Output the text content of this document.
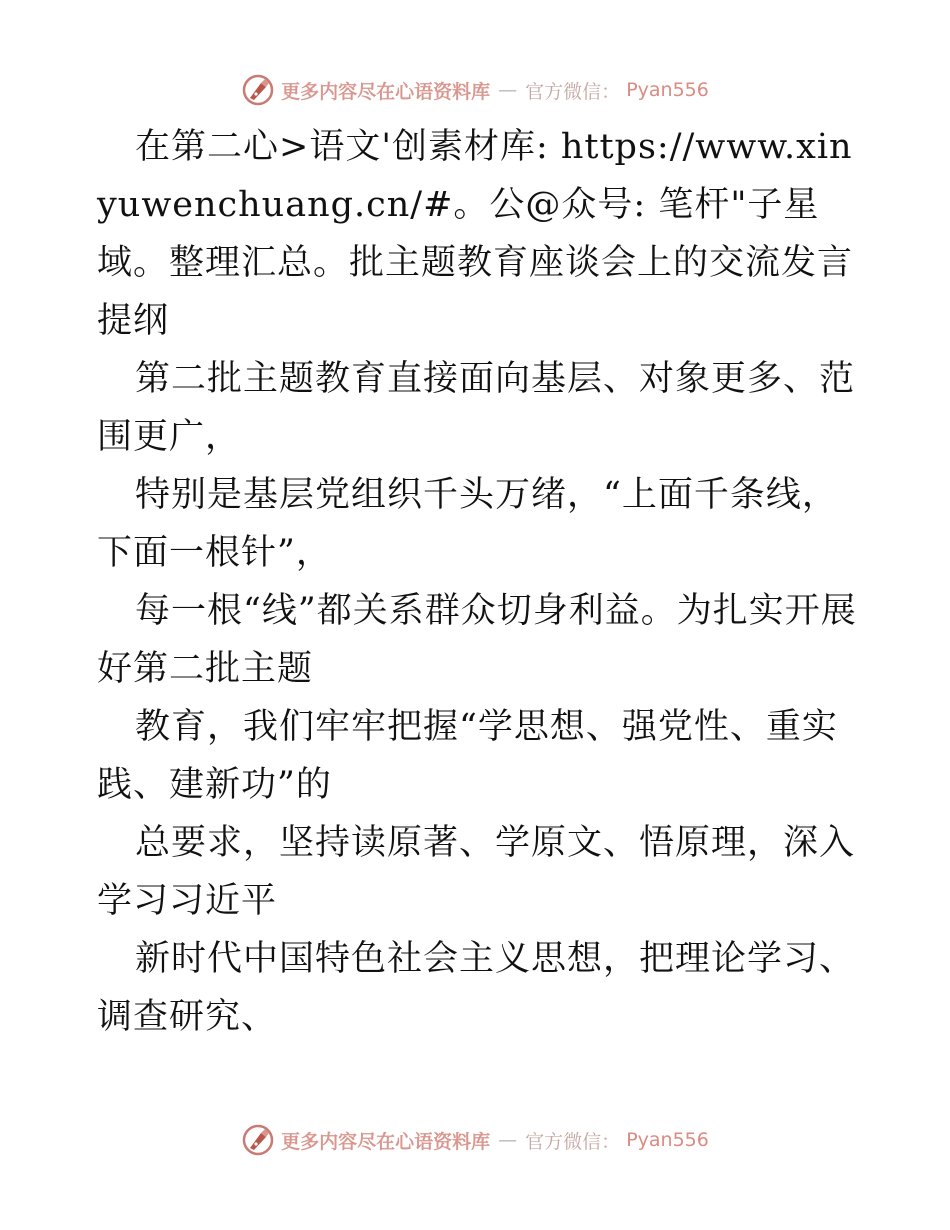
更多内容尽在心语资料库 — 官方微信： Pyan556

在第二心>语文'创素材库: https://www.xinyuwenchuang.cn/#。公@众号: 笔杆"子星域。整理汇总。批主题教育座谈会上的交流发言提纲

第二批主题教育直接面向基层、对象更多、范围更广，

特别是基层党组织千头万绪，“上面千条线，下面一根针”，

每一根“线”都关系群众切身利益。为扎实开展好第二批主题

教育，我们牢牢把握“学思想、强党性、重实践、建新功”的

总要求，坚持读原著、学原文、悟原理，深入学习习近平

新时代中国特色社会主义思想，把理论学习、调查研究、

更多内容尽在心语资料库 — 官方微信： Pyan556
